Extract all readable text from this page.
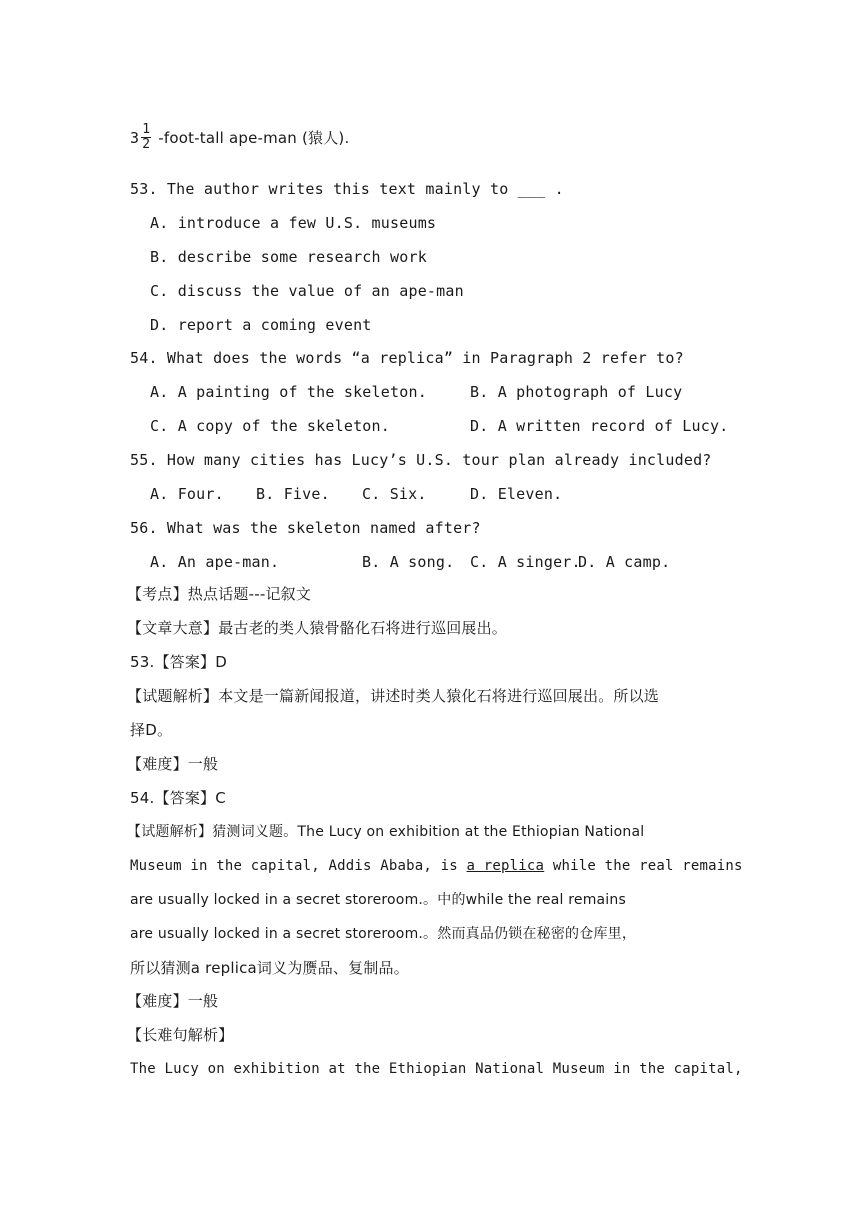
$3 \frac{1}{2}$ -foot-tall ape-man (猿人).
53. The author writes this text mainly to ___ .
A. introduce a few U.S. museums
B. describe some research work
C. discuss the value of an ape-man
D. report a coming event
54. What does the words “a replica” in Paragraph 2 refer to?
A. A painting of the skeleton.	B. A photograph of Lucy
C. A copy of the skeleton.	D. A written record of Lucy.
55. How many cities has Lucy’s U.S. tour plan already included?
A. Four. B. Five. C. Six.	D. Eleven.
56. What was the skeleton named after?
A. An ape-man.	B. A song. C. A singer.
D. A camp.
【考点】热点话题---记叙文
【文章大意】最古老的类人猿骨骼化石将进行巡回展出。
53.【答案】D
【试题解析】本文是一篇新闻报道，讲述时类人猿化石将进行巡回展出。所以选
择D。
【难度】一般
54.【答案】C
【试题解析】猜测词义题。The Lucy on exhibition at the Ethiopian National
Museum in the capital, Addis Ababa, is a replica while the real remains
are usually locked in a secret storeroom.。中的while the real remains
are usually locked in a secret storeroom.。然而真品仍锁在秘密的仓库里，
所以猜测a replica词义为赝品、复制品。
【难度】一般
【长难句解析】
The Lucy on exhibition at the Ethiopian National Museum in the capital,
